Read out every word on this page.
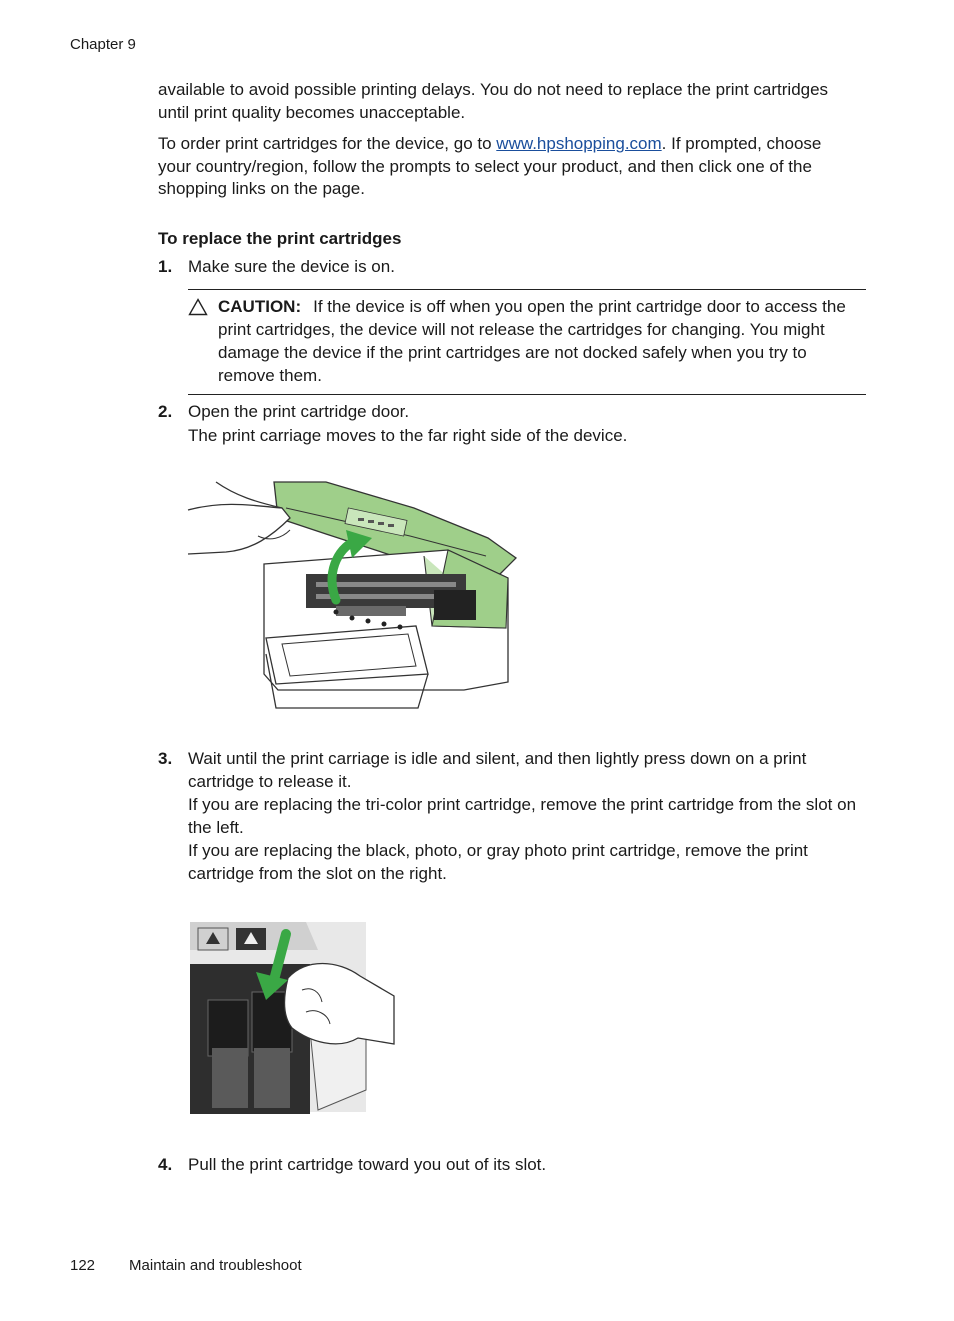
Chapter 9

available to avoid possible printing delays. You do not need to replace the print cartridges until print quality becomes unacceptable.

To order print cartridges for the device, go to www.hpshopping.com. If prompted, choose your country/region, follow the prompts to select your product, and then click one of the shopping links on the page.

To replace the print cartridges
1. Make sure the device is on.

CAUTION: If the device is off when you open the print cartridge door to access the print cartridges, the device will not release the cartridges for changing. You might damage the device if the print cartridges are not docked safely when you try to remove them.
2. Open the print cartridge door.

The print carriage moves to the far right side of the device.

3. Wait until the print carriage is idle and silent, and then lightly press down on a print cartridge to release it.

If you are replacing the tri-color print cartridge, remove the print cartridge from the slot on the left.

If you are replacing the black, photo, or gray photo print cartridge, remove the print cartridge from the slot on the right.

4. Pull the print cartridge toward you out of its slot.

122 Maintain and troubleshoot
